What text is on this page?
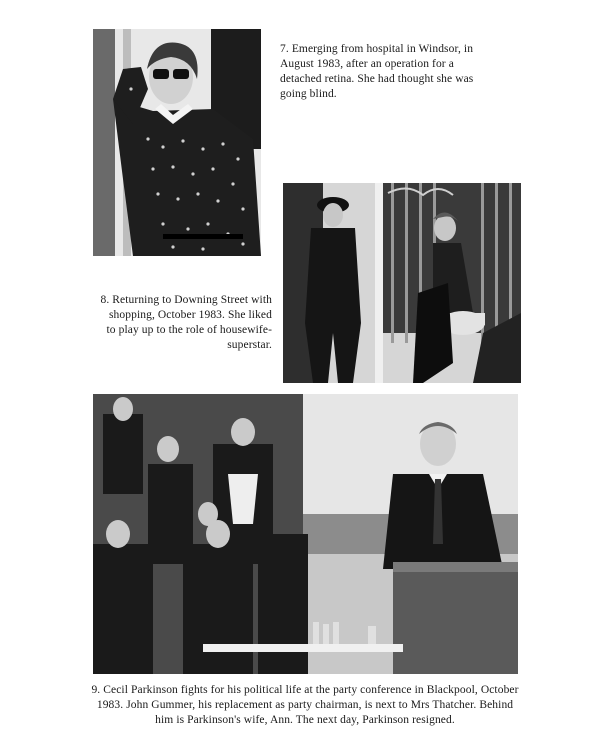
7. Emerging from hospital in Windsor, in August 1983, after an operation for a detached retina. She had thought she was going blind.

8. Returning to Downing Street with shopping, October 1983. She liked to play up to the role of housewife-superstar.

9. Cecil Parkinson fights for his political life at the party conference in Blackpool, October 1983. John Gummer, his replacement as party chairman, is next to Mrs Thatcher. Behind him is Parkinson's wife, Ann. The next day, Parkinson resigned.
